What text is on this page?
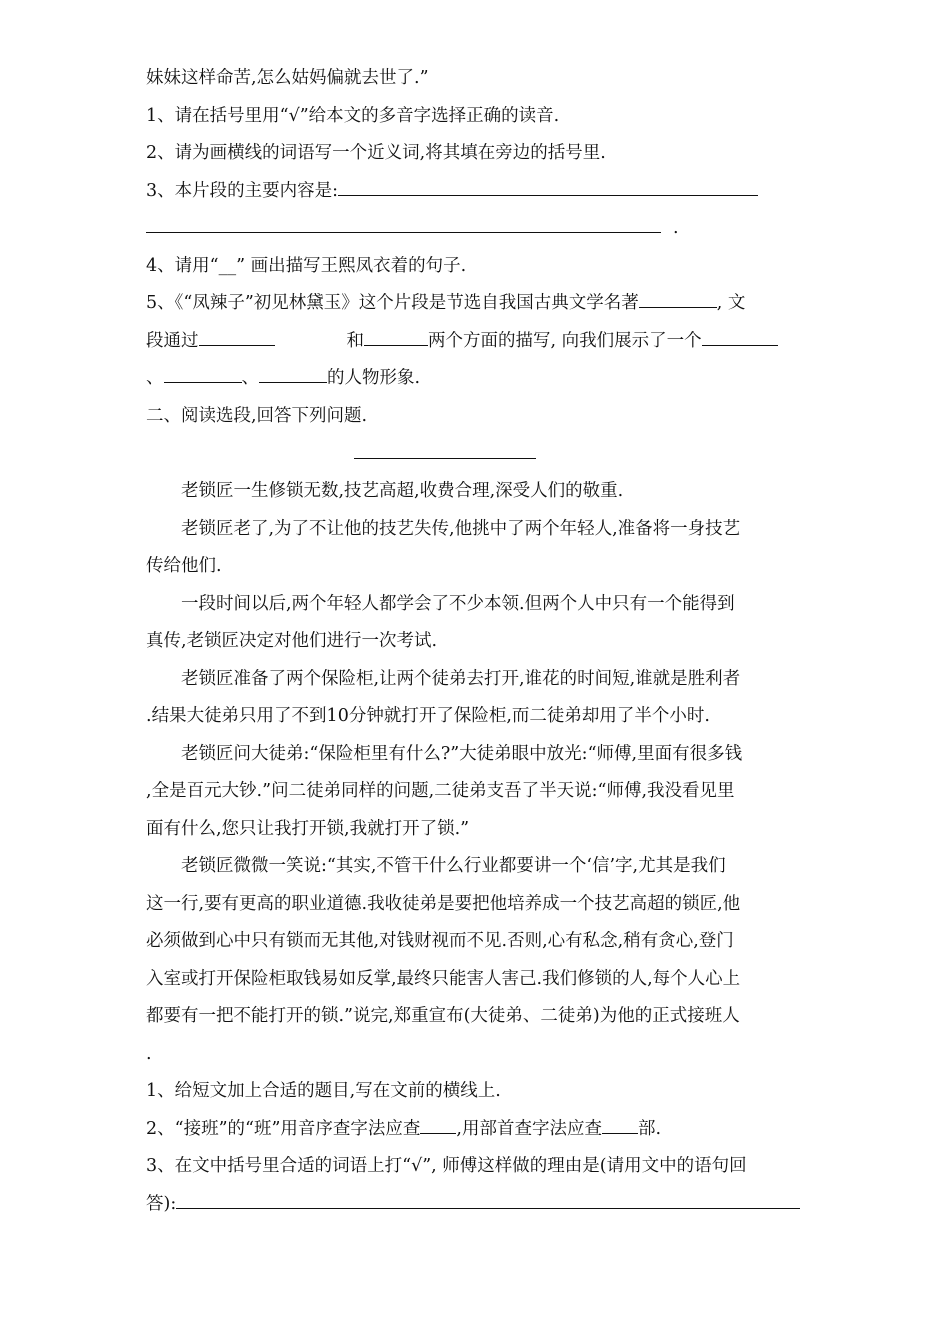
妹妹这样命苦,怎么姑妈偏就去世了.”
1、请在括号里用“√”给本文的多音字选择正确的读音.
2、请为画横线的词语写一个近义词,将其填在旁边的括号里.
3、本片段的主要内容是:
.
4、请用“__” 画出描写王熙凤衣着的句子.
5、《“凤辣子”初见林黛玉》这个片段是节选自我国古典文学名著	, 文
段通过	和	两个方面的描写, 向我们展示了一个
、	、	的人物形象.
二、阅读选段,回答下列问题.
老锁匠一生修锁无数,技艺高超,收费合理,深受人们的敬重.
老锁匠老了,为了不让他的技艺失传,他挑中了两个年轻人,准备将一身技艺
传给他们.
一段时间以后,两个年轻人都学会了不少本领.但两个人中只有一个能得到
真传,老锁匠决定对他们进行一次考试.
老锁匠准备了两个保险柜,让两个徒弟去打开,谁花的时间短,谁就是胜利者
.结果大徒弟只用了不到10分钟就打开了保险柜,而二徒弟却用了半个小时.
老锁匠问大徒弟:“保险柜里有什么?”大徒弟眼中放光:“师傅,里面有很多钱
,全是百元大钞.”问二徒弟同样的问题,二徒弟支吾了半天说:“师傅,我没看见里
面有什么,您只让我打开锁,我就打开了锁.”
老锁匠微微一笑说:“其实,不管干什么行业都要讲一个‘信’字,尤其是我们
这一行,要有更高的职业道德.我收徒弟是要把他培养成一个技艺高超的锁匠,他
必须做到心中只有锁而无其他,对钱财视而不见.否则,心有私念,稍有贪心,登门
入室或打开保险柜取钱易如反掌,最终只能害人害己.我们修锁的人,每个人心上
都要有一把不能打开的锁.”说完,郑重宣布(大徒弟、二徒弟)为他的正式接班人
.
1、给短文加上合适的题目,写在文前的横线上.
2、“接班”的“班”用音序查字法应查 ,用部首查字法应查 部.
3、在文中括号里合适的词语上打“√”, 师傅这样做的理由是(请用文中的语句回
答):
